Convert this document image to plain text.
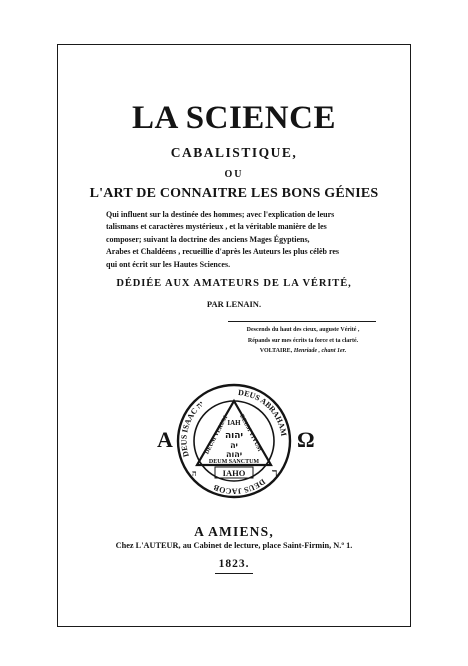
LA SCIENCE
CABALISTIQUE,
OU
L'ART DE CONNAITRE LES BONS GÉNIES

Qui influent sur la destinée des hommes; avec l'explication de leurs
talismans et caractères mystérieux , et la véritable manière de les
composer; suivant la doctrine des anciens Mages Égyptiens,
Arabes et Chaldéens , recueillie d'après les Auteurs les plus célèb res
qui ont écrit sur les Hautes Sciences.

DÉDIÉE AUX AMATEURS DE LA VÉRITÉ,
PAR LENAIN.
Descends du haut des cieux, auguste Vérité ,
Répands sur mes écrits ta force et ta clarté.
VOLTAIRE, Henriade , chant 1er.
A	Ω
DEUS ISAAC יה
DEUS ABRAHAM
DEUS JACOB
ה	ℸ
DEUM VERUM DEUM VIVUM
DEUM SANCTUM
IAH
יהוה
יה
יהוה
IAHO
A AMIENS,
Chez L'AUTEUR, au Cabinet de lecture, place Saint-Firmin, N.º 1.
1823.
